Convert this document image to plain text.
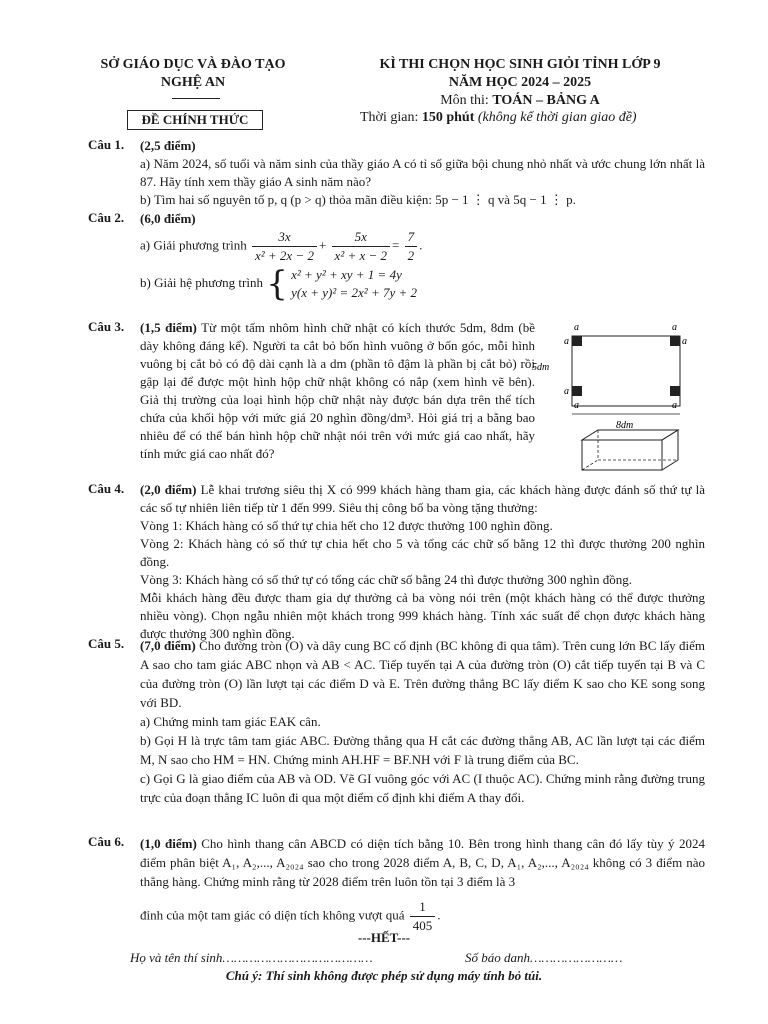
SỞ GIÁO DỤC VÀ ĐÀO TẠO
NGHỆ AN
ĐỀ CHÍNH THỨC
KÌ THI CHỌN HỌC SINH GIỎI TỈNH LỚP 9
NĂM HỌC 2024 – 2025
Môn thi: TOÁN – BẢNG A
Thời gian: 150 phút (không kể thời gian giao đề)
Câu 1. (2,5 điểm)
a) Năm 2024, số tuổi và năm sinh của thầy giáo A có tỉ số giữa bội chung nhỏ nhất và ước chung lớn nhất là 87. Hãy tính xem thầy giáo A sinh năm nào?
b) Tìm hai số nguyên tố p, q (p > q) thỏa mãn điều kiện: 5p − 1 ⋮ q và 5q − 1 ⋮ p.
Câu 2. (6,0 điểm)
a) Giải phương trình $\frac{3x}{\text{x² + 2x − 2}} + \frac{5x}{\text{x² + x − 2}} = \frac{7}{2}$ .
b) Giải hệ phương trình { x² + y² + xy + 1 = 4y
y(x + y)² = 2x² + 7y + 2
Câu 3. (1,5 điểm) Từ một tấm nhôm hình chữ nhật có kích thước 5dm, 8dm (bề dày không đáng kể). Người ta cắt bỏ bốn hình vuông ở bốn góc, mỗi hình vuông bị cắt bỏ có độ dài cạnh là a dm (phần tô đậm là phần bị cắt bỏ) rồi gập lại để được một hình hộp chữ nhật không có nắp (xem hình vẽ bên). Giả thị trường của loại hình hộp chữ nhật này được bán dựa trên thể tích chứa của khối hộp với mức giá 20 nghìn đồng/dm³. Hỏi giá trị a bằng bao nhiêu để có thể bán hình hộp chữ nhật nói trên với mức giá cao nhất, hãy tính mức giá cao nhất đó?
a	a
a	a
a
a	a
5dm
8dm
Câu 4. (2,0 điểm) Lễ khai trương siêu thị X có 999 khách hàng tham gia, các khách hàng được đánh số thứ tự là các số tự nhiên liên tiếp từ 1 đến 999. Siêu thị công bố ba vòng tặng thưởng:
Vòng 1: Khách hàng có số thứ tự chia hết cho 12 được thưởng 100 nghìn đồng.
Vòng 2: Khách hàng có số thứ tự chia hết cho 5 và tổng các chữ số bằng 12 thì được thưởng 200 nghìn đồng.
Vòng 3: Khách hàng có số thứ tự có tổng các chữ số bằng 24 thì được thưởng 300 nghìn đồng.
Mỗi khách hàng đều được tham gia dự thưởng cả ba vòng nói trên (một khách hàng có thể được thưởng nhiều vòng). Chọn ngẫu nhiên một khách trong 999 khách hàng. Tính xác suất để chọn được khách hàng được thưởng 300 nghìn đồng.
Câu 5. (7,0 điểm) Cho đường tròn (O) và dây cung BC cố định (BC không đi qua tâm). Trên cung lớn BC lấy điểm A sao cho tam giác ABC nhọn và AB < AC. Tiếp tuyến tại A của đường tròn (O) cắt tiếp tuyến tại B và C của đường tròn (O) lần lượt tại các điểm D và E. Trên đường thẳng BC lấy điểm K sao cho KE song song với BD.
a) Chứng minh tam giác EAK cân.
b) Gọi H là trực tâm tam giác ABC. Đường thẳng qua H cắt các đường thẳng AB, AC lần lượt tại các điểm M, N sao cho HM = HN. Chứng minh AH.HF = BF.NH với F là trung điểm của BC.
c) Gọi G là giao điểm của AB và OD. Vẽ GI vuông góc với AC (I thuộc AC). Chứng minh rằng đường trung trực của đoạn thẳng IC luôn đi qua một điểm cố định khi điểm A thay đổi.
Câu 6. (1,0 điểm) Cho hình thang cân ABCD có diện tích bằng 10. Bên trong hình thang cân đó lấy tùy ý 2024 điểm phân biệt A₁, A₂,..., A₂₀₂₄ sao cho trong 2028 điểm A, B, C, D, A₁, A₂,..., A₂₀₂₄ không có 3 điểm nào thẳng hàng. Chứng minh rằng từ 2028 điểm trên luôn tồn tại 3 điểm là 3
đỉnh của một tam giác có diện tích không vượt quá $\frac{1}{405}$ .
---HẾT---
Họ và tên thí sinh…………………………………	Số báo danh……………………
Chú ý: Thí sinh không được phép sử dụng máy tính bỏ túi.
